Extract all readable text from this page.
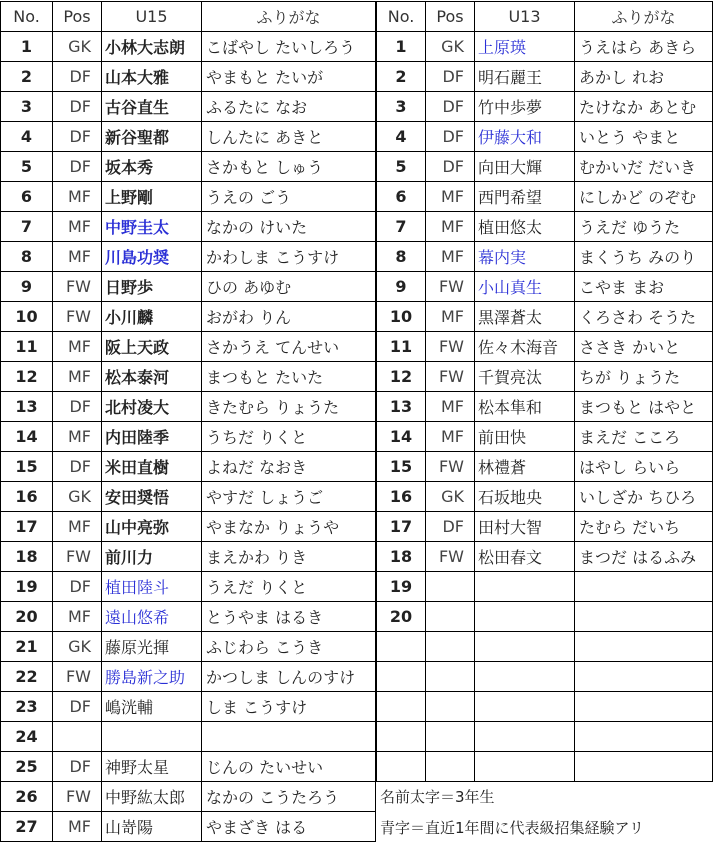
No.	Pos	U15	ふりがな
1	GK	小林大志朗	こばやし たいしろう
2	DF	山本大雅	やまもと たいが
3	DF	古谷直生	ふるたに なお
4	DF	新谷聖都	しんたに あきと
5	DF	坂本秀	さかもと しゅう
6	MF	上野剛	うえの ごう
7	MF	中野圭太	なかの けいた
8	MF	川島功奨	かわしま こうすけ
9	FW	日野歩	ひの あゆむ
10	FW	小川麟	おがわ りん
11	MF	阪上天政	さかうえ てんせい
12	MF	松本泰河	まつもと たいた
13	DF	北村凌大	きたむら りょうた
14	MF	内田陸季	うちだ りくと
15	DF	米田直樹	よねだ なおき
16	GK	安田奨悟	やすだ しょうご
17	MF	山中亮弥	やまなか りょうや
18	FW	前川力	まえかわ りき
19	DF	植田陸斗	うえだ りくと
20	MF	遠山悠希	とうやま はるき
21	GK	藤原光揮	ふじわら こうき
22	FW	勝島新之助	かつしま しんのすけ
23	DF	嶋洸輔	しま こうすけ
24			
25	DF	神野太星	じんの たいせい
26	FW	中野紘太郎	なかの こうたろう
27	MF	山嵜陽	やまざき はる
No.	Pos	U13	ふりがな
1	GK	上原瑛	うえはら あきら
2	DF	明石麗王	あかし れお
3	DF	竹中歩夢	たけなか あとむ
4	DF	伊藤大和	いとう やまと
5	DF	向田大輝	むかいだ だいき
6	MF	西門希望	にしかど のぞむ
7	MF	植田悠太	うえだ ゆうた
8	MF	幕内実	まくうち みのり
9	FW	小山真生	こやま まお
10	MF	黒澤蒼太	くろさわ そうた
11	FW	佐々木海音	ささき かいと
12	FW	千賀亮汰	ちが りょうた
13	MF	松本隼和	まつもと はやと
14	MF	前田快	まえだ こころ
15	FW	林禮蒼	はやし らいら
16	GK	石坂地央	いしざか ちひろ
17	DF	田村大智	たむら だいち
18	FW	松田春文	まつだ はるふみ
19			
20			

名前太字＝3年生
青字＝直近1年間に代表級招集経験アリ
